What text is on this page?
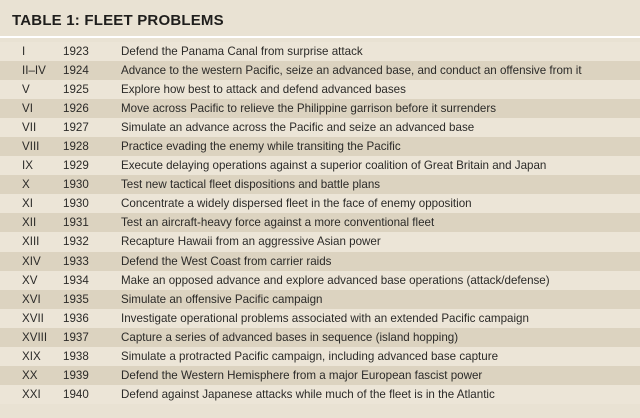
TABLE 1: FLEET PROBLEMS
I	1923	Defend the Panama Canal from surprise attack
II–IV 1924	Advance to the western Pacific, seize an advanced base, and conduct an offensive from it
V	1925	Explore how best to attack and defend advanced bases
VI	1926	Move across Pacific to relieve the Philippine garrison before it surrenders
VII 1927	Simulate an advance across the Pacific and seize an advanced base
VIII 1928	Practice evading the enemy while transiting the Pacific
IX	1929	Execute delaying operations against a superior coalition of Great Britain and Japan
X	1930	Test new tactical fleet dispositions and battle plans
XI	1930	Concentrate a widely dispersed fleet in the face of enemy opposition
XII 1931	Test an aircraft-heavy force against a more conventional fleet
XIII 1932	Recapture Hawaii from an aggressive Asian power
XIV 1933	Defend the West Coast from carrier raids
XV 1934	Make an opposed advance and explore advanced base operations (attack/defense)
XVI 1935	Simulate an offensive Pacific campaign
XVII 1936	Investigate operational problems associated with an extended Pacific campaign
XVIII 1937	Capture a series of advanced bases in sequence (island hopping)
XIX 1938	Simulate a protracted Pacific campaign, including advanced base capture
XX 1939	Defend the Western Hemisphere from a major European fascist power
XXI 1940	Defend against Japanese attacks while much of the fleet is in the Atlantic
